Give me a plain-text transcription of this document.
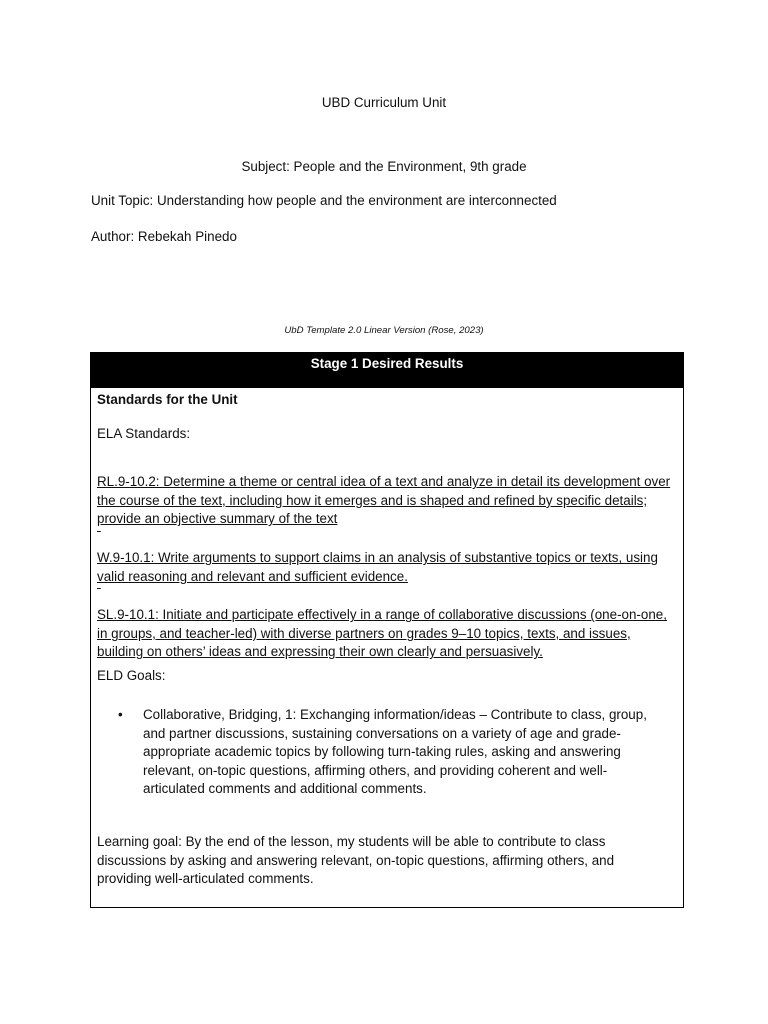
UBD Curriculum Unit
Subject: People and the Environment, 9th grade
Unit Topic: Understanding how people and the environment are interconnected
Author: Rebekah Pinedo
UbD Template 2.0 Linear Version (Rose, 2023)
Stage 1 Desired Results
Standards for the Unit
ELA Standards:

RL.9-10.2: Determine a theme or central idea of a text and analyze in detail its development over the course of the text, including how it emerges and is shaped and refined by specific details; provide an objective summary of the text

W.9-10.1: Write arguments to support claims in an analysis of substantive topics or texts, using valid reasoning and relevant and sufficient evidence.

SL.9-10.1: Initiate and participate effectively in a range of collaborative discussions (one-on-one, in groups, and teacher-led) with diverse partners on grades 9–10 topics, texts, and issues, building on others’ ideas and expressing their own clearly and persuasively.

ELD Goals:
• Collaborative, Bridging, 1: Exchanging information/ideas – Contribute to class, group, and partner discussions, sustaining conversations on a variety of age and grade-appropriate academic topics by following turn-taking rules, asking and answering relevant, on-topic questions, affirming others, and providing coherent and well-articulated comments and additional comments.

Learning goal: By the end of the lesson, my students will be able to contribute to class discussions by asking and answering relevant, on-topic questions, affirming others, and providing well-articulated comments.
